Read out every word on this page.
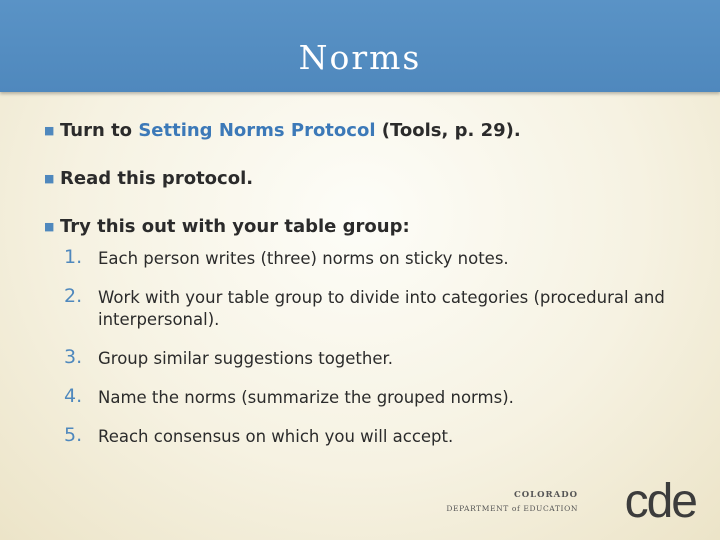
Norms
■ Turn to Setting Norms Protocol (Tools, p. 29).
■ Read this protocol.
■ Try this out with your table group:
1. Each person writes (three) norms on sticky notes.
2. Work with your table group to divide into categories (procedural and interpersonal).
3. Group similar suggestions together.
4. Name the norms (summarize the grouped norms).
5. Reach consensus on which you will accept.
COLORADO
DEPARTMENT of EDUCATION cde
